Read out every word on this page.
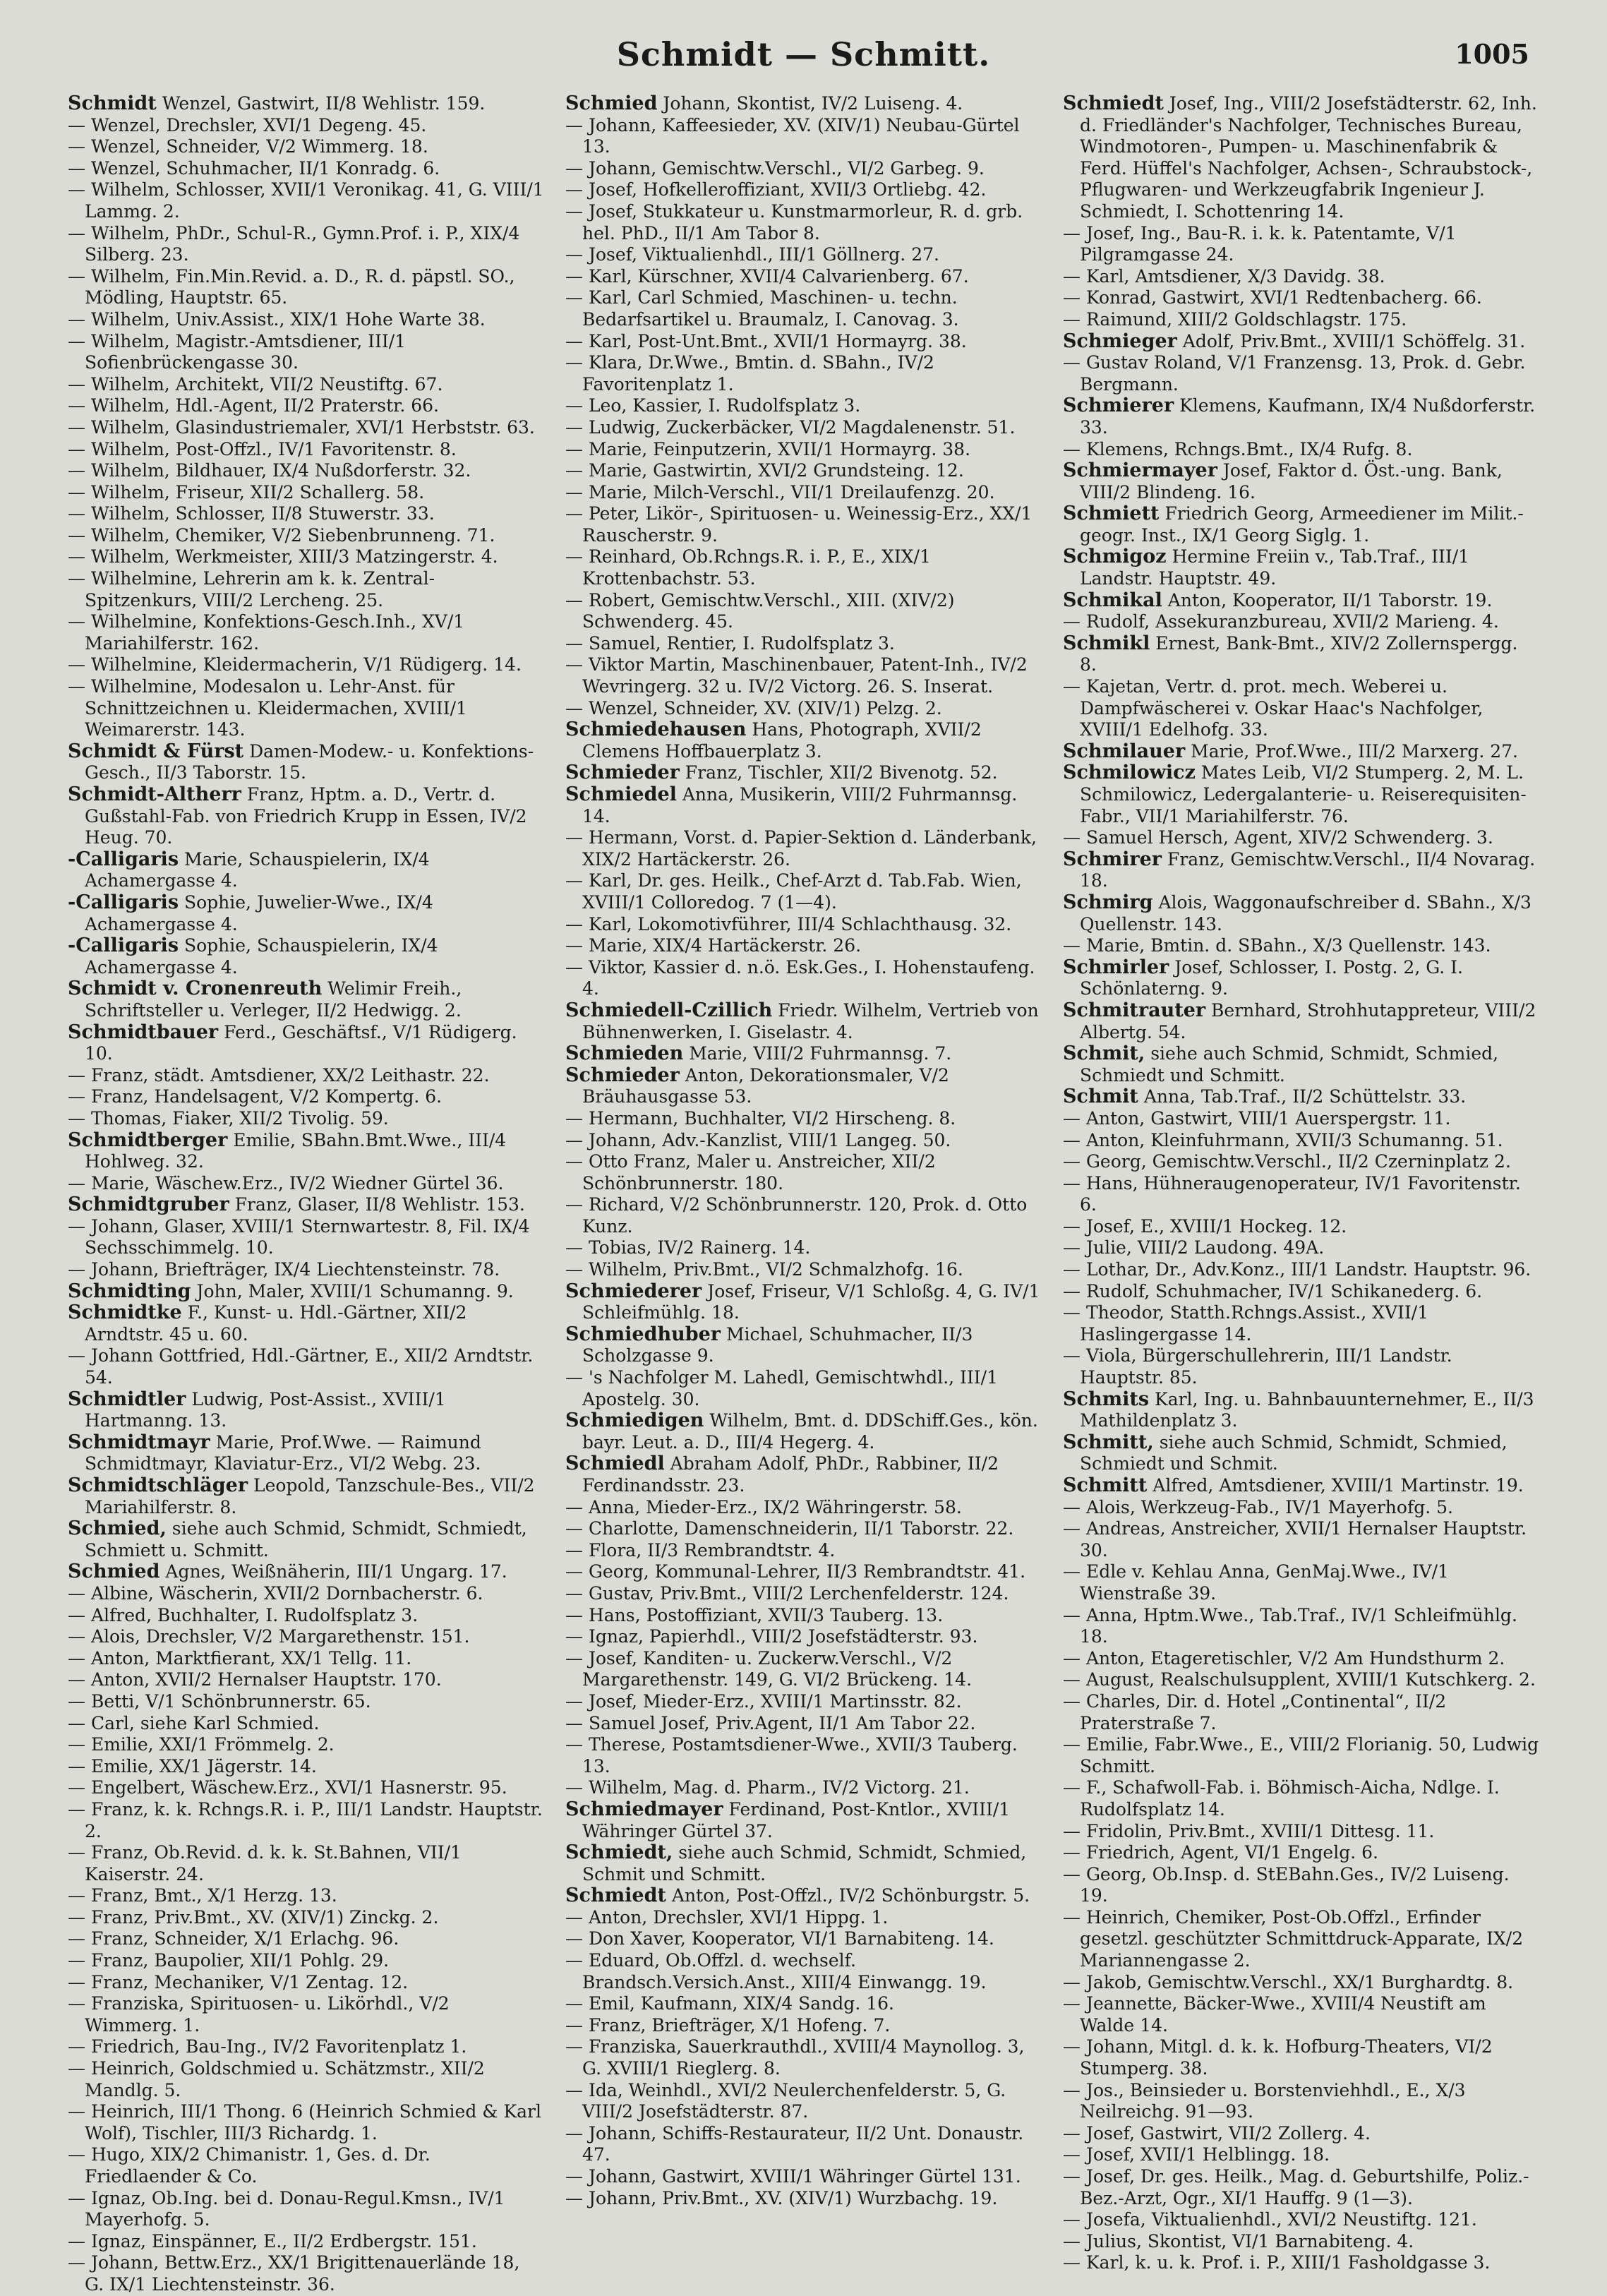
Schmidt — Schmitt.	1005

Schmidt Wenzel, Gastwirt, II/8 Wehlistr. 159.

— Wenzel, Drechsler, XVI/1 Degeng. 45.

— Wenzel, Schneider, V/2 Wimmerg. 18.

— Wenzel, Schuhmacher, II/1 Konradg. 6.

— Wilhelm, Schlosser, XVII/1 Veronikag. 41, G. VIII/1 Lammg. 2.

— Wilhelm, PhDr., Schul-R., Gymn.Prof. i. P., XIX/4 Silberg. 23.

— Wilhelm, Fin.Min.Revid. a. D., R. d. päpstl. SO., Mödling, Hauptstr. 65.

— Wilhelm, Univ.Assist., XIX/1 Hohe Warte 38.

— Wilhelm, Magistr.-Amtsdiener, III/1 Sofienbrückengasse 30.

— Wilhelm, Architekt, VII/2 Neustiftg. 67.

— Wilhelm, Hdl.-Agent, II/2 Praterstr. 66.

— Wilhelm, Glasindustriemaler, XVI/1 Herbststr. 63.

— Wilhelm, Post-Offzl., IV/1 Favoritenstr. 8.

— Wilhelm, Bildhauer, IX/4 Nußdorferstr. 32.

— Wilhelm, Friseur, XII/2 Schallerg. 58.

— Wilhelm, Schlosser, II/8 Stuwerstr. 33.

— Wilhelm, Chemiker, V/2 Siebenbrunneng. 71.

— Wilhelm, Werkmeister, XIII/3 Matzingerstr. 4.

— Wilhelmine, Lehrerin am k. k. Zentral-Spitzenkurs, VIII/2 Lercheng. 25.

— Wilhelmine, Konfektions-Gesch.Inh., XV/1 Mariahilferstr. 162.

— Wilhelmine, Kleidermacherin, V/1 Rüdigerg. 14.

— Wilhelmine, Modesalon u. Lehr-Anst. für Schnittzeichnen u. Kleidermachen, XVIII/1 Weimarerstr. 143.

Schmidt & Fürst Damen-Modew.- u. Konfektions-Gesch., II/3 Taborstr. 15.

Schmidt-Altherr Franz, Hptm. a. D., Vertr. d. Gußstahl-Fab. von Friedrich Krupp in Essen, IV/2 Heug. 70.

-Calligaris Marie, Schauspielerin, IX/4 Achamergasse 4.

-Calligaris Sophie, Juwelier-Wwe., IX/4 Achamergasse 4.

-Calligaris Sophie, Schauspielerin, IX/4 Achamergasse 4.

Schmidt v. Cronenreuth Welimir Freih., Schriftsteller u. Verleger, II/2 Hedwigg. 2.

Schmidtbauer Ferd., Geschäftsf., V/1 Rüdigerg. 10.

— Franz, städt. Amtsdiener, XX/2 Leithastr. 22.

— Franz, Handelsagent, V/2 Kompertg. 6.

— Thomas, Fiaker, XII/2 Tivolig. 59.

Schmidtberger Emilie, SBahn.Bmt.Wwe., III/4 Hohlweg. 32.

— Marie, Wäschew.Erz., IV/2 Wiedner Gürtel 36.

Schmidtgruber Franz, Glaser, II/8 Wehlistr. 153.

— Johann, Glaser, XVIII/1 Sternwartestr. 8, Fil. IX/4 Sechsschimmelg. 10.

— Johann, Briefträger, IX/4 Liechtensteinstr. 78.

Schmidting John, Maler, XVIII/1 Schumanng. 9.

Schmidtke F., Kunst- u. Hdl.-Gärtner, XII/2 Arndtstr. 45 u. 60.

— Johann Gottfried, Hdl.-Gärtner, E., XII/2 Arndtstr. 54.

Schmidtler Ludwig, Post-Assist., XVIII/1 Hartmanng. 13.

Schmidtmayr Marie, Prof.Wwe. — Raimund Schmidtmayr, Klaviatur-Erz., VI/2 Webg. 23.

Schmidtschläger Leopold, Tanzschule-Bes., VII/2 Mariahilferstr. 8.

Schmied, siehe auch Schmid, Schmidt, Schmiedt, Schmiett u. Schmitt.

Schmied Agnes, Weißnäherin, III/1 Ungarg. 17.

— Albine, Wäscherin, XVII/2 Dornbacherstr. 6.

— Alfred, Buchhalter, I. Rudolfsplatz 3.

— Alois, Drechsler, V/2 Margarethenstr. 151.

— Anton, Marktfierant, XX/1 Tellg. 11.

— Anton, XVII/2 Hernalser Hauptstr. 170.

— Betti, V/1 Schönbrunnerstr. 65.

— Carl, siehe Karl Schmied.

— Emilie, XXI/1 Frömmelg. 2.

— Emilie, XX/1 Jägerstr. 14.

— Engelbert, Wäschew.Erz., XVI/1 Hasnerstr. 95.

— Franz, k. k. Rchngs.R. i. P., III/1 Landstr. Hauptstr. 2.

— Franz, Ob.Revid. d. k. k. St.Bahnen, VII/1 Kaiserstr. 24.

— Franz, Bmt., X/1 Herzg. 13.

— Franz, Priv.Bmt., XV. (XIV/1) Zinckg. 2.

— Franz, Schneider, X/1 Erlachg. 96.

— Franz, Baupolier, XII/1 Pohlg. 29.

— Franz, Mechaniker, V/1 Zentag. 12.

— Franziska, Spirituosen- u. Likörhdl., V/2 Wimmerg. 1.

— Friedrich, Bau-Ing., IV/2 Favoritenplatz 1.

— Heinrich, Goldschmied u. Schätzmstr., XII/2 Mandlg. 5.

— Heinrich, III/1 Thong. 6 (Heinrich Schmied & Karl Wolf), Tischler, III/3 Richardg. 1.

— Hugo, XIX/2 Chimanistr. 1, Ges. d. Dr. Friedlaender & Co.

— Ignaz, Ob.Ing. bei d. Donau-Regul.Kmsn., IV/1 Mayerhofg. 5.

— Ignaz, Einspänner, E., II/2 Erdbergstr. 151.

— Johann, Bettw.Erz., XX/1 Brigittenauerlände 18, G. IX/1 Liechtensteinstr. 36.

Schmied Johann, Skontist, IV/2 Luiseng. 4.

— Johann, Kaffeesieder, XV. (XIV/1) Neubau-Gürtel 13.

— Johann, Gemischtw.Verschl., VI/2 Garbeg. 9.

— Josef, Hofkelleroffiziant, XVII/3 Ortliebg. 42.

— Josef, Stukkateur u. Kunstmarmorleur, R. d. grb. hel. PhD., II/1 Am Tabor 8.

— Josef, Viktualienhdl., III/1 Göllnerg. 27.

— Karl, Kürschner, XVII/4 Calvarienberg. 67.

— Karl, Carl Schmied, Maschinen- u. techn. Bedarfsartikel u. Braumalz, I. Canovag. 3.

— Karl, Post-Unt.Bmt., XVII/1 Hormayrg. 38.

— Klara, Dr.Wwe., Bmtin. d. SBahn., IV/2 Favoritenplatz 1.

— Leo, Kassier, I. Rudolfsplatz 3.

— Ludwig, Zuckerbäcker, VI/2 Magdalenenstr. 51.

— Marie, Feinputzerin, XVII/1 Hormayrg. 38.

— Marie, Gastwirtin, XVI/2 Grundsteing. 12.

— Marie, Milch-Verschl., VII/1 Dreilaufenzg. 20.

— Peter, Likör-, Spirituosen- u. Weinessig-Erz., XX/1 Rauscherstr. 9.

— Reinhard, Ob.Rchngs.R. i. P., E., XIX/1 Krottenbachstr. 53.

— Robert, Gemischtw.Verschl., XIII. (XIV/2) Schwenderg. 45.

— Samuel, Rentier, I. Rudolfsplatz 3.

— Viktor Martin, Maschinenbauer, Patent-Inh., IV/2 Wevringerg. 32 u. IV/2 Victorg. 26. S. Inserat.

— Wenzel, Schneider, XV. (XIV/1) Pelzg. 2.

Schmiedehausen Hans, Photograph, XVII/2 Clemens Hoffbauerplatz 3.

Schmieder Franz, Tischler, XII/2 Bivenotg. 52.

Schmiedel Anna, Musikerin, VIII/2 Fuhrmannsg. 14.

— Hermann, Vorst. d. Papier-Sektion d. Länderbank, XIX/2 Hartäckerstr. 26.

— Karl, Dr. ges. Heilk., Chef-Arzt d. Tab.Fab. Wien, XVIII/1 Colloredog. 7 (1—4).

— Karl, Lokomotivführer, III/4 Schlachthausg. 32.

— Marie, XIX/4 Hartäckerstr. 26.

— Viktor, Kassier d. n.ö. Esk.Ges., I. Hohenstaufeng. 4.

Schmiedell-Czillich Friedr. Wilhelm, Vertrieb von Bühnenwerken, I. Giselastr. 4.

Schmieden Marie, VIII/2 Fuhrmannsg. 7.

Schmieder Anton, Dekorationsmaler, V/2 Bräuhausgasse 53.

— Hermann, Buchhalter, VI/2 Hirscheng. 8.

— Johann, Adv.-Kanzlist, VIII/1 Langeg. 50.

— Otto Franz, Maler u. Anstreicher, XII/2 Schönbrunnerstr. 180.

— Richard, V/2 Schönbrunnerstr. 120, Prok. d. Otto Kunz.

— Tobias, IV/2 Rainerg. 14.

— Wilhelm, Priv.Bmt., VI/2 Schmalzhofg. 16.

Schmiederer Josef, Friseur, V/1 Schloßg. 4, G. IV/1 Schleifmühlg. 18.

Schmiedhuber Michael, Schuhmacher, II/3 Scholzgasse 9.

— 's Nachfolger M. Lahedl, Gemischtwhdl., III/1 Apostelg. 30.

Schmiedigen Wilhelm, Bmt. d. DDSchiff.Ges., kön. bayr. Leut. a. D., III/4 Hegerg. 4.

Schmiedl Abraham Adolf, PhDr., Rabbiner, II/2 Ferdinandsstr. 23.

— Anna, Mieder-Erz., IX/2 Währingerstr. 58.

— Charlotte, Damenschneiderin, II/1 Taborstr. 22.

— Flora, II/3 Rembrandtstr. 4.

— Georg, Kommunal-Lehrer, II/3 Rembrandtstr. 41.

— Gustav, Priv.Bmt., VIII/2 Lerchenfelderstr. 124.

— Hans, Postoffiziant, XVII/3 Tauberg. 13.

— Ignaz, Papierhdl., VIII/2 Josefstädterstr. 93.

— Josef, Kanditen- u. Zuckerw.Verschl., V/2 Margarethenstr. 149, G. VI/2 Brückeng. 14.

— Josef, Mieder-Erz., XVIII/1 Martinsstr. 82.

— Samuel Josef, Priv.Agent, II/1 Am Tabor 22.

— Therese, Postamtsdiener-Wwe., XVII/3 Tauberg. 13.

— Wilhelm, Mag. d. Pharm., IV/2 Victorg. 21.

Schmiedmayer Ferdinand, Post-Kntlor., XVIII/1 Währinger Gürtel 37.

Schmiedt, siehe auch Schmid, Schmidt, Schmied, Schmit und Schmitt.

Schmiedt Anton, Post-Offzl., IV/2 Schönburgstr. 5.

— Anton, Drechsler, XVI/1 Hippg. 1.

— Don Xaver, Kooperator, VI/1 Barnabiteng. 14.

— Eduard, Ob.Offzl. d. wechself. Brandsch.Versich.Anst., XIII/4 Einwangg. 19.

— Emil, Kaufmann, XIX/4 Sandg. 16.

— Franz, Briefträger, X/1 Hofeng. 7.

— Franziska, Sauerkrauthdl., XVIII/4 Maynollog. 3, G. XVIII/1 Rieglerg. 8.

— Ida, Weinhdl., XVI/2 Neulerchenfelderstr. 5, G. VIII/2 Josefstädterstr. 87.

— Johann, Schiffs-Restaurateur, II/2 Unt. Donaustr. 47.

— Johann, Gastwirt, XVIII/1 Währinger Gürtel 131.

— Johann, Priv.Bmt., XV. (XIV/1) Wurzbachg. 19.

Schmiedt Josef, Ing., VIII/2 Josefstädterstr. 62, Inh. d. Friedländer's Nachfolger, Technisches Bureau, Windmotoren-, Pumpen- u. Maschinenfabrik & Ferd. Hüffel's Nachfolger, Achsen-, Schraubstock-, Pflugwaren- und Werkzeugfabrik Ingenieur J. Schmiedt, I. Schottenring 14.

— Josef, Ing., Bau-R. i. k. k. Patentamte, V/1 Pilgramgasse 24.

— Karl, Amtsdiener, X/3 Davidg. 38.

— Konrad, Gastwirt, XVI/1 Redtenbacherg. 66.

— Raimund, XIII/2 Goldschlagstr. 175.

Schmieger Adolf, Priv.Bmt., XVIII/1 Schöffelg. 31.

— Gustav Roland, V/1 Franzensg. 13, Prok. d. Gebr. Bergmann.

Schmierer Klemens, Kaufmann, IX/4 Nußdorferstr. 33.

— Klemens, Rchngs.Bmt., IX/4 Rufg. 8.

Schmiermayer Josef, Faktor d. Öst.-ung. Bank, VIII/2 Blindeng. 16.

Schmiett Friedrich Georg, Armeediener im Milit.-geogr. Inst., IX/1 Georg Siglg. 1.

Schmigoz Hermine Freiin v., Tab.Traf., III/1 Landstr. Hauptstr. 49.

Schmikal Anton, Kooperator, II/1 Taborstr. 19.

— Rudolf, Assekuranzbureau, XVII/2 Marieng. 4.

Schmikl Ernest, Bank-Bmt., XIV/2 Zollernspergg. 8.

— Kajetan, Vertr. d. prot. mech. Weberei u. Dampfwäscherei v. Oskar Haac's Nachfolger, XVIII/1 Edelhofg. 33.

Schmilauer Marie, Prof.Wwe., III/2 Marxerg. 27.

Schmilowicz Mates Leib, VI/2 Stumperg. 2, M. L. Schmilowicz, Ledergalanterie- u. Reiserequisiten-Fabr., VII/1 Mariahilferstr. 76.

— Samuel Hersch, Agent, XIV/2 Schwenderg. 3.

Schmirer Franz, Gemischtw.Verschl., II/4 Novarag. 18.

Schmirg Alois, Waggonaufschreiber d. SBahn., X/3 Quellenstr. 143.

— Marie, Bmtin. d. SBahn., X/3 Quellenstr. 143.

Schmirler Josef, Schlosser, I. Postg. 2, G. I. Schönlaterng. 9.

Schmitrauter Bernhard, Strohhutappreteur, VIII/2 Albertg. 54.

Schmit, siehe auch Schmid, Schmidt, Schmied, Schmiedt und Schmitt.

Schmit Anna, Tab.Traf., II/2 Schüttelstr. 33.

— Anton, Gastwirt, VIII/1 Auerspergstr. 11.

— Anton, Kleinfuhrmann, XVII/3 Schumanng. 51.

— Georg, Gemischtw.Verschl., II/2 Czerninplatz 2.

— Hans, Hühneraugenoperateur, IV/1 Favoritenstr. 6.

— Josef, E., XVIII/1 Hockeg. 12.

— Julie, VIII/2 Laudong. 49A.

— Lothar, Dr., Adv.Konz., III/1 Landstr. Hauptstr. 96.

— Rudolf, Schuhmacher, IV/1 Schikanederg. 6.

— Theodor, Statth.Rchngs.Assist., XVII/1 Haslingergasse 14.

— Viola, Bürgerschullehrerin, III/1 Landstr. Hauptstr. 85.

Schmits Karl, Ing. u. Bahnbauunternehmer, E., II/3 Mathildenplatz 3.

Schmitt, siehe auch Schmid, Schmidt, Schmied, Schmiedt und Schmit.

Schmitt Alfred, Amtsdiener, XVIII/1 Martinstr. 19.

— Alois, Werkzeug-Fab., IV/1 Mayerhofg. 5.

— Andreas, Anstreicher, XVII/1 Hernalser Hauptstr. 30.

— Edle v. Kehlau Anna, GenMaj.Wwe., IV/1 Wienstraße 39.

— Anna, Hptm.Wwe., Tab.Traf., IV/1 Schleifmühlg. 18.

— Anton, Etageretischler, V/2 Am Hundsthurm 2.

— August, Realschulsupplent, XVIII/1 Kutschkerg. 2.

— Charles, Dir. d. Hotel „Continental“, II/2 Praterstraße 7.

— Emilie, Fabr.Wwe., E., VIII/2 Florianig. 50, Ludwig Schmitt.

— F., Schafwoll-Fab. i. Böhmisch-Aicha, Ndlge. I. Rudolfsplatz 14.

— Fridolin, Priv.Bmt., XVIII/1 Dittesg. 11.

— Friedrich, Agent, VI/1 Engelg. 6.

— Georg, Ob.Insp. d. StEBahn.Ges., IV/2 Luiseng. 19.

— Heinrich, Chemiker, Post-Ob.Offzl., Erfinder gesetzl. geschützter Schmittdruck-Apparate, IX/2 Mariannengasse 2.

— Jakob, Gemischtw.Verschl., XX/1 Burghardtg. 8.

— Jeannette, Bäcker-Wwe., XVIII/4 Neustift am Walde 14.

— Johann, Mitgl. d. k. k. Hofburg-Theaters, VI/2 Stumperg. 38.

— Jos., Beinsieder u. Borstenviehhdl., E., X/3 Neilreichg. 91—93.

— Josef, Gastwirt, VII/2 Zollerg. 4.

— Josef, XVII/1 Helblingg. 18.

— Josef, Dr. ges. Heilk., Mag. d. Geburtshilfe, Poliz.-Bez.-Arzt, Ogr., XI/1 Hauffg. 9 (1—3).

— Josefa, Viktualienhdl., XVI/2 Neustiftg. 121.

— Julius, Skontist, VI/1 Barnabiteng. 4.

— Karl, k. u. k. Prof. i. P., XIII/1 Fasholdgasse 3.
